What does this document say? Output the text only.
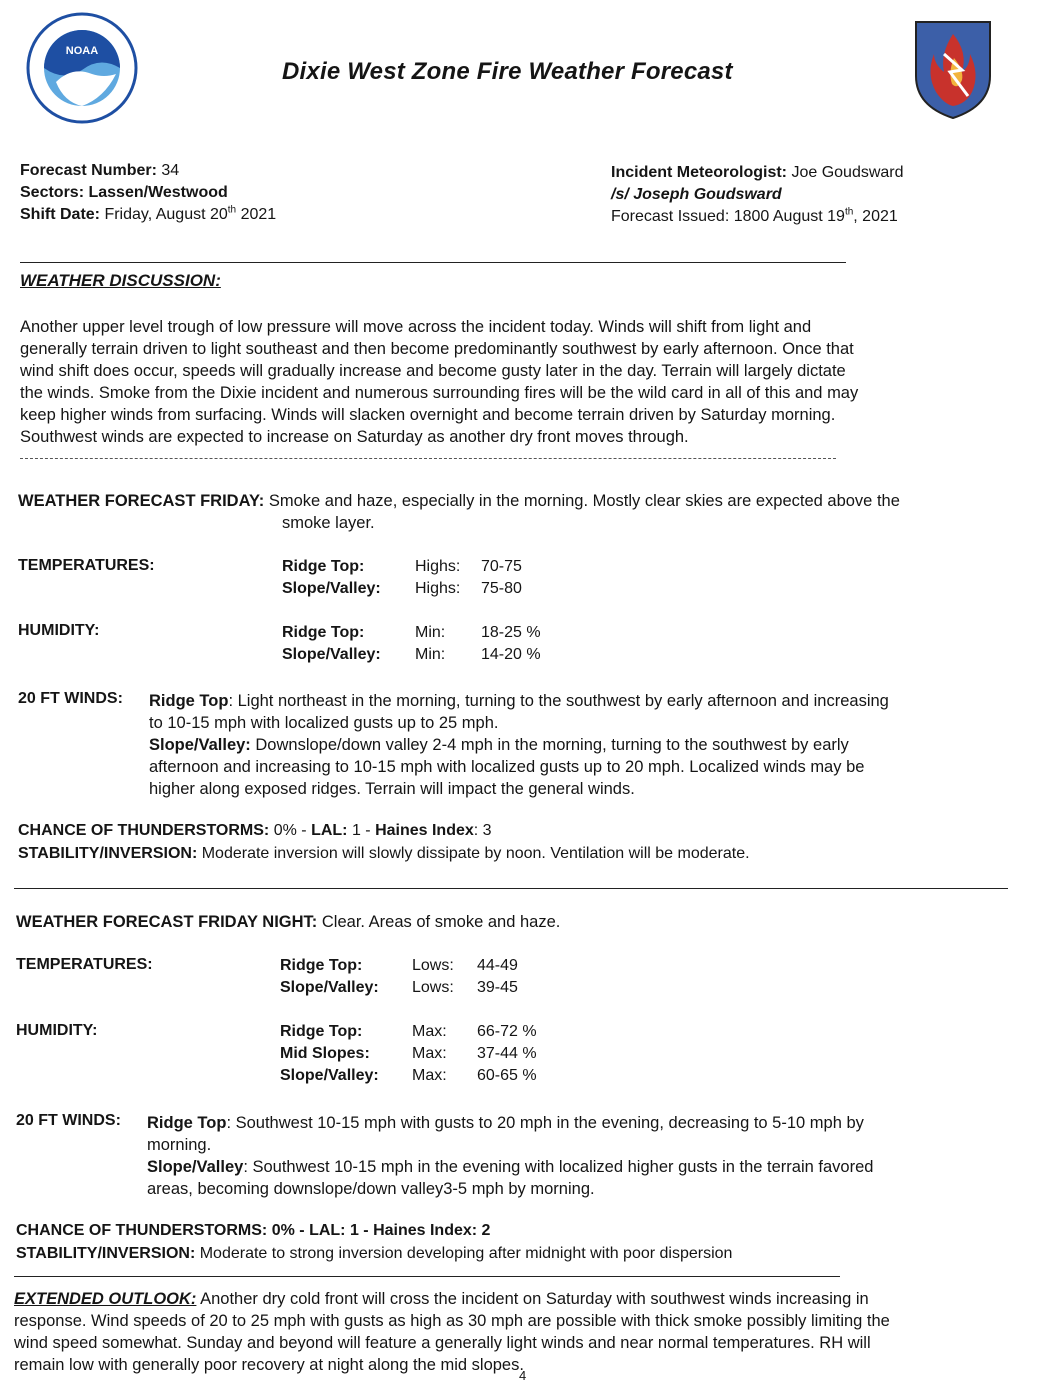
NOAA
Dixie West Zone Fire Weather Forecast
Forecast Number: 34
Sectors: Lassen/Westwood
Shift Date: Friday, August 20th 2021
Incident Meteorologist: Joe Goudsward
/s/ Joseph Goudsward
Forecast Issued: 1800 August 19th, 2021
WEATHER DISCUSSION:
Another upper level trough of low pressure will move across the incident today. Winds will shift from light and
generally terrain driven to light southeast and then become predominantly southwest by early afternoon. Once that
wind shift does occur, speeds will gradually increase and become gusty later in the day. Terrain will largely dictate
the winds. Smoke from the Dixie incident and numerous surrounding fires will be the wild card in all of this and may
keep higher winds from surfacing. Winds will slacken overnight and become terrain driven by Saturday morning.
Southwest winds are expected to increase on Saturday as another dry front moves through.
WEATHER FORECAST FRIDAY: Smoke and haze, especially in the morning. Mostly clear skies are expected above the
smoke layer.
TEMPERATURES:	Ridge Top:	Highs: 70-75
Slope/Valley: Highs: 75-80
HUMIDITY:	Ridge Top:	Min: 18-25 %
Slope/Valley: Min: 14-20 %
20 FT WINDS: Ridge Top: Light northeast in the morning, turning to the southwest by early afternoon and increasing
to 10-15 mph with localized gusts up to 25 mph.
Slope/Valley: Downslope/down valley 2-4 mph in the morning, turning to the southwest by early
afternoon and increasing to 10-15 mph with localized gusts up to 20 mph. Localized winds may be
higher along exposed ridges. Terrain will impact the general winds.
CHANCE OF THUNDERSTORMS: 0% - LAL: 1 - Haines Index: 3
STABILITY/INVERSION: Moderate inversion will slowly dissipate by noon. Ventilation will be moderate.
WEATHER FORECAST FRIDAY NIGHT: Clear. Areas of smoke and haze.
TEMPERATURES:	Ridge Top:	Lows: 44-49
Slope/Valley: Lows: 39-45
HUMIDITY:	Ridge Top:	Max: 66-72 %
Mid Slopes:	Max: 37-44 %
Slope/Valley: Max: 60-65 %
20 FT WINDS: Ridge Top: Southwest 10-15 mph with gusts to 20 mph in the evening, decreasing to 5-10 mph by
morning.
Slope/Valley: Southwest 10-15 mph in the evening with localized higher gusts in the terrain favored
areas, becoming downslope/down valley3-5 mph by morning.
CHANCE OF THUNDERSTORMS: 0% - LAL: 1 - Haines Index: 2
STABILITY/INVERSION: Moderate to strong inversion developing after midnight with poor dispersion
EXTENDED OUTLOOK: Another dry cold front will cross the incident on Saturday with southwest winds increasing in
response. Wind speeds of 20 to 25 mph with gusts as high as 30 mph are possible with thick smoke possibly limiting the
wind speed somewhat. Sunday and beyond will feature a generally light winds and near normal temperatures. RH will
remain low with generally poor recovery at night along the mid slopes.
4
